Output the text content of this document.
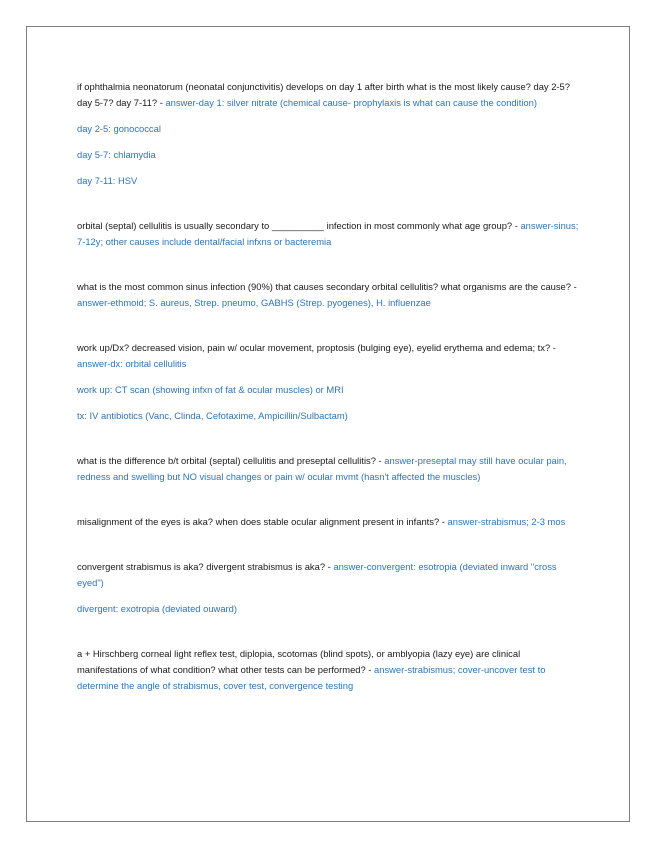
if ophthalmia neonatorum (neonatal conjunctivitis) develops on day 1 after birth what is the most likely cause? day 2-5? day 5-7? day 7-11? - answer-day 1: silver nitrate (chemical cause- prophylaxis is what can cause the condition)

day 2-5: gonococcal

day 5-7: chlamydia

day 7-11: HSV

orbital (septal) cellulitis is usually secondary to __________ infection in most commonly what age group? - answer-sinus; 7-12y; other causes include dental/facial infxns or bacteremia

what is the most common sinus infection (90%) that causes secondary orbital cellulitis? what organisms are the cause? - answer-ethmoid; S. aureus, Strep. pneumo, GABHS (Strep. pyogenes), H. influenzae

work up/Dx? decreased vision, pain w/ ocular movement, proptosis (bulging eye), eyelid erythema and edema; tx? - answer-dx: orbital cellulitis

work up: CT scan (showing infxn of fat & ocular muscles) or MRI

tx: IV antibiotics (Vanc, Clinda, Cefotaxime, Ampicillin/Sulbactam)

what is the difference b/t orbital (septal) cellulitis and preseptal cellulitis? - answer-preseptal may still have ocular pain, redness and swelling but NO visual changes or pain w/ ocular mvmt (hasn't affected the muscles)

misalignment of the eyes is aka? when does stable ocular alignment present in infants? - answer-strabismus; 2-3 mos

convergent strabismus is aka? divergent strabismus is aka? - answer-convergent: esotropia (deviated inward "cross eyed")

divergent: exotropia (deviated ouward)

a + Hirschberg corneal light reflex test, diplopia, scotomas (blind spots), or amblyopia (lazy eye) are clinical manifestations of what condition? what other tests can be performed? - answer-strabismus; cover-uncover test to determine the angle of strabismus, cover test, convergence testing
